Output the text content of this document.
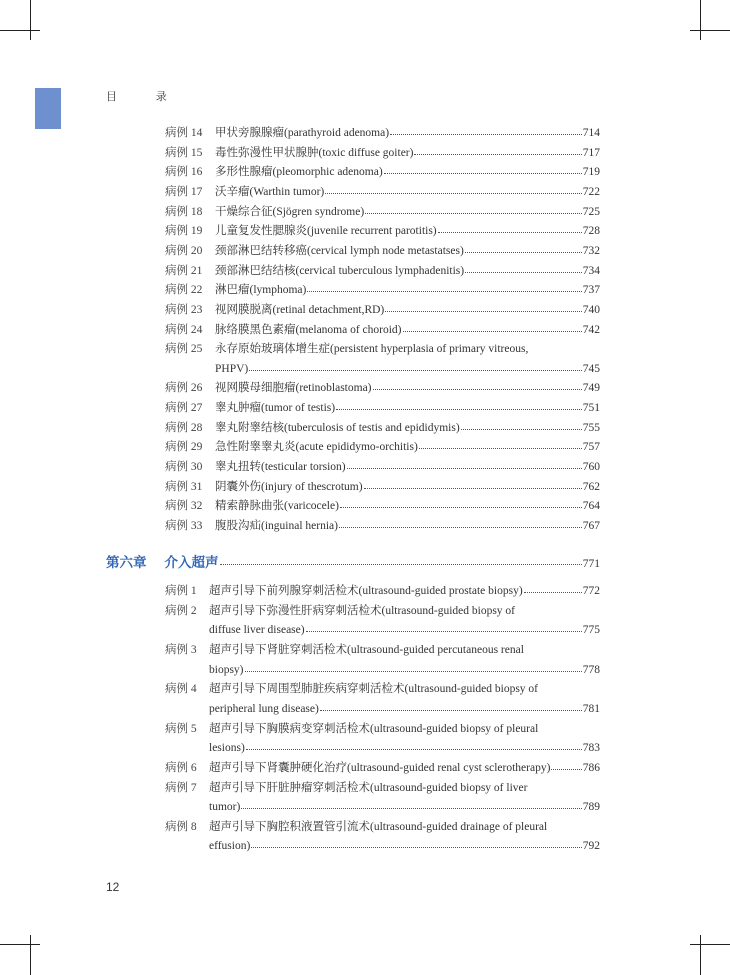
目 录
第六章 介入超声	771
12
病例 14	甲状旁腺腺瘤(parathyroid adenoma)	714
病例 15	毒性弥漫性甲状腺肿(toxic diffuse goiter)	717
病例 16	多形性腺瘤(pleomorphic adenoma)	719
病例 17	沃辛瘤(Warthin tumor)	722
病例 18	干燥综合征(Sjögren syndrome)	725
病例 19	儿童复发性腮腺炎(juvenile recurrent parotitis)	728
病例 20	颈部淋巴结转移癌(cervical lymph node metastatses)	732
病例 21	颈部淋巴结结核(cervical tuberculous lymphadenitis)	734
病例 22	淋巴瘤(lymphoma)	737
病例 23	视网膜脱离(retinal detachment,RD)	740
病例 24	脉络膜黑色素瘤(melanoma of choroid)	742
病例 25	永存原始玻璃体增生症(persistent hyperplasia of primary vitreous,
PHPV)	745
病例 26	视网膜母细胞瘤(retinoblastoma)	749
病例 27	睾丸肿瘤(tumor of testis)	751
病例 28	睾丸附睾结核(tuberculosis of testis and epididymis)	755
病例 29	急性附睾睾丸炎(acute epididymo-orchitis)	757
病例 30	睾丸扭转(testicular torsion)	760
病例 31	阴囊外伤(injury of thescrotum)	762
病例 32	精索静脉曲张(varicocele)	764
病例 33	腹股沟疝(inguinal hernia)	767
病例 1	超声引导下前列腺穿刺活检术(ultrasound-guided prostate biopsy)	772
病例 2	超声引导下弥漫性肝病穿刺活检术(ultrasound-guided biopsy of
diffuse liver disease)	775
病例 3	超声引导下肾脏穿刺活检术(ultrasound-guided percutaneous renal
biopsy)	778
病例 4	超声引导下周围型肺脏疾病穿刺活检术(ultrasound-guided biopsy of
peripheral lung disease)	781
病例 5	超声引导下胸膜病变穿刺活检术(ultrasound-guided biopsy of pleural
lesions)	783
病例 6	超声引导下肾囊肿硬化治疗(ultrasound-guided renal cyst sclerotherapy)	786
病例 7	超声引导下肝脏肿瘤穿刺活检术(ultrasound-guided biopsy of liver
tumor)	789
病例 8	超声引导下胸腔积液置管引流术(ultrasound-guided drainage of pleural
effusion)	792
